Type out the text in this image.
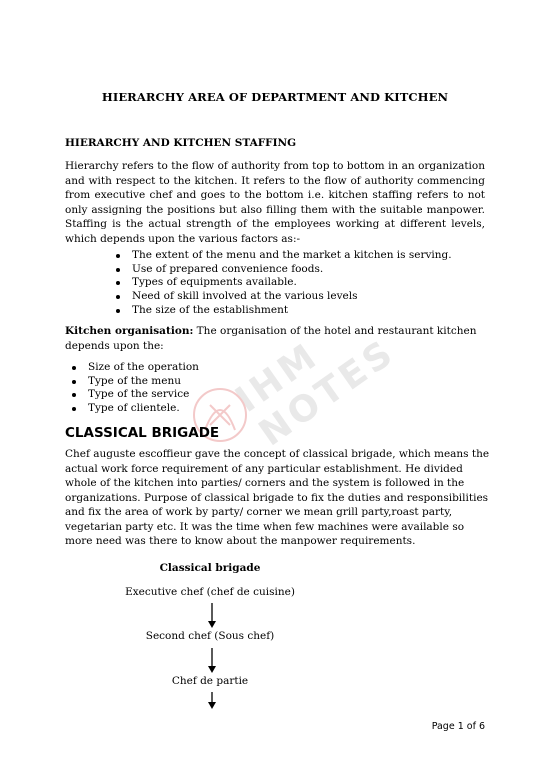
IHM NOTES
HIERARCHY AREA OF DEPARTMENT AND KITCHEN
HIERARCHY AND KITCHEN STAFFING
Hierarchy refers to the flow of authority from top to bottom in an organization and with respect to the kitchen. It refers to the flow of authority commencing from executive chef and goes to the bottom i.e. kitchen staffing refers to not only assigning the positions but also filling them with the suitable manpower. Staffing is the actual strength of the employees working at different levels, which depends upon the various factors as:-
The extent of the menu and the market a kitchen is serving.
Use of prepared convenience foods.
Types of equipments available.
Need of skill involved at the various levels
The size of the establishment
Kitchen organisation: The organisation of the hotel and restaurant kitchen depends upon the:
Size of the operation
Type of the menu
Type of the service
Type of clientele.
CLASSICAL BRIGADE
Chef auguste escoffieur gave the concept of classical brigade, which means the actual work force requirement of any particular establishment. He divided whole of the kitchen into parties/ corners and the system is followed in the organizations. Purpose of classical brigade to fix the duties and responsibilities and fix the area of work by party/ corner we mean grill party,roast party, vegetarian party etc. It was the time when few machines were available so more need was there to know about the manpower requirements.
Classical brigade
Executive chef (chef de cuisine)
Second chef (Sous chef)
Chef de partie
Page 1 of 6
